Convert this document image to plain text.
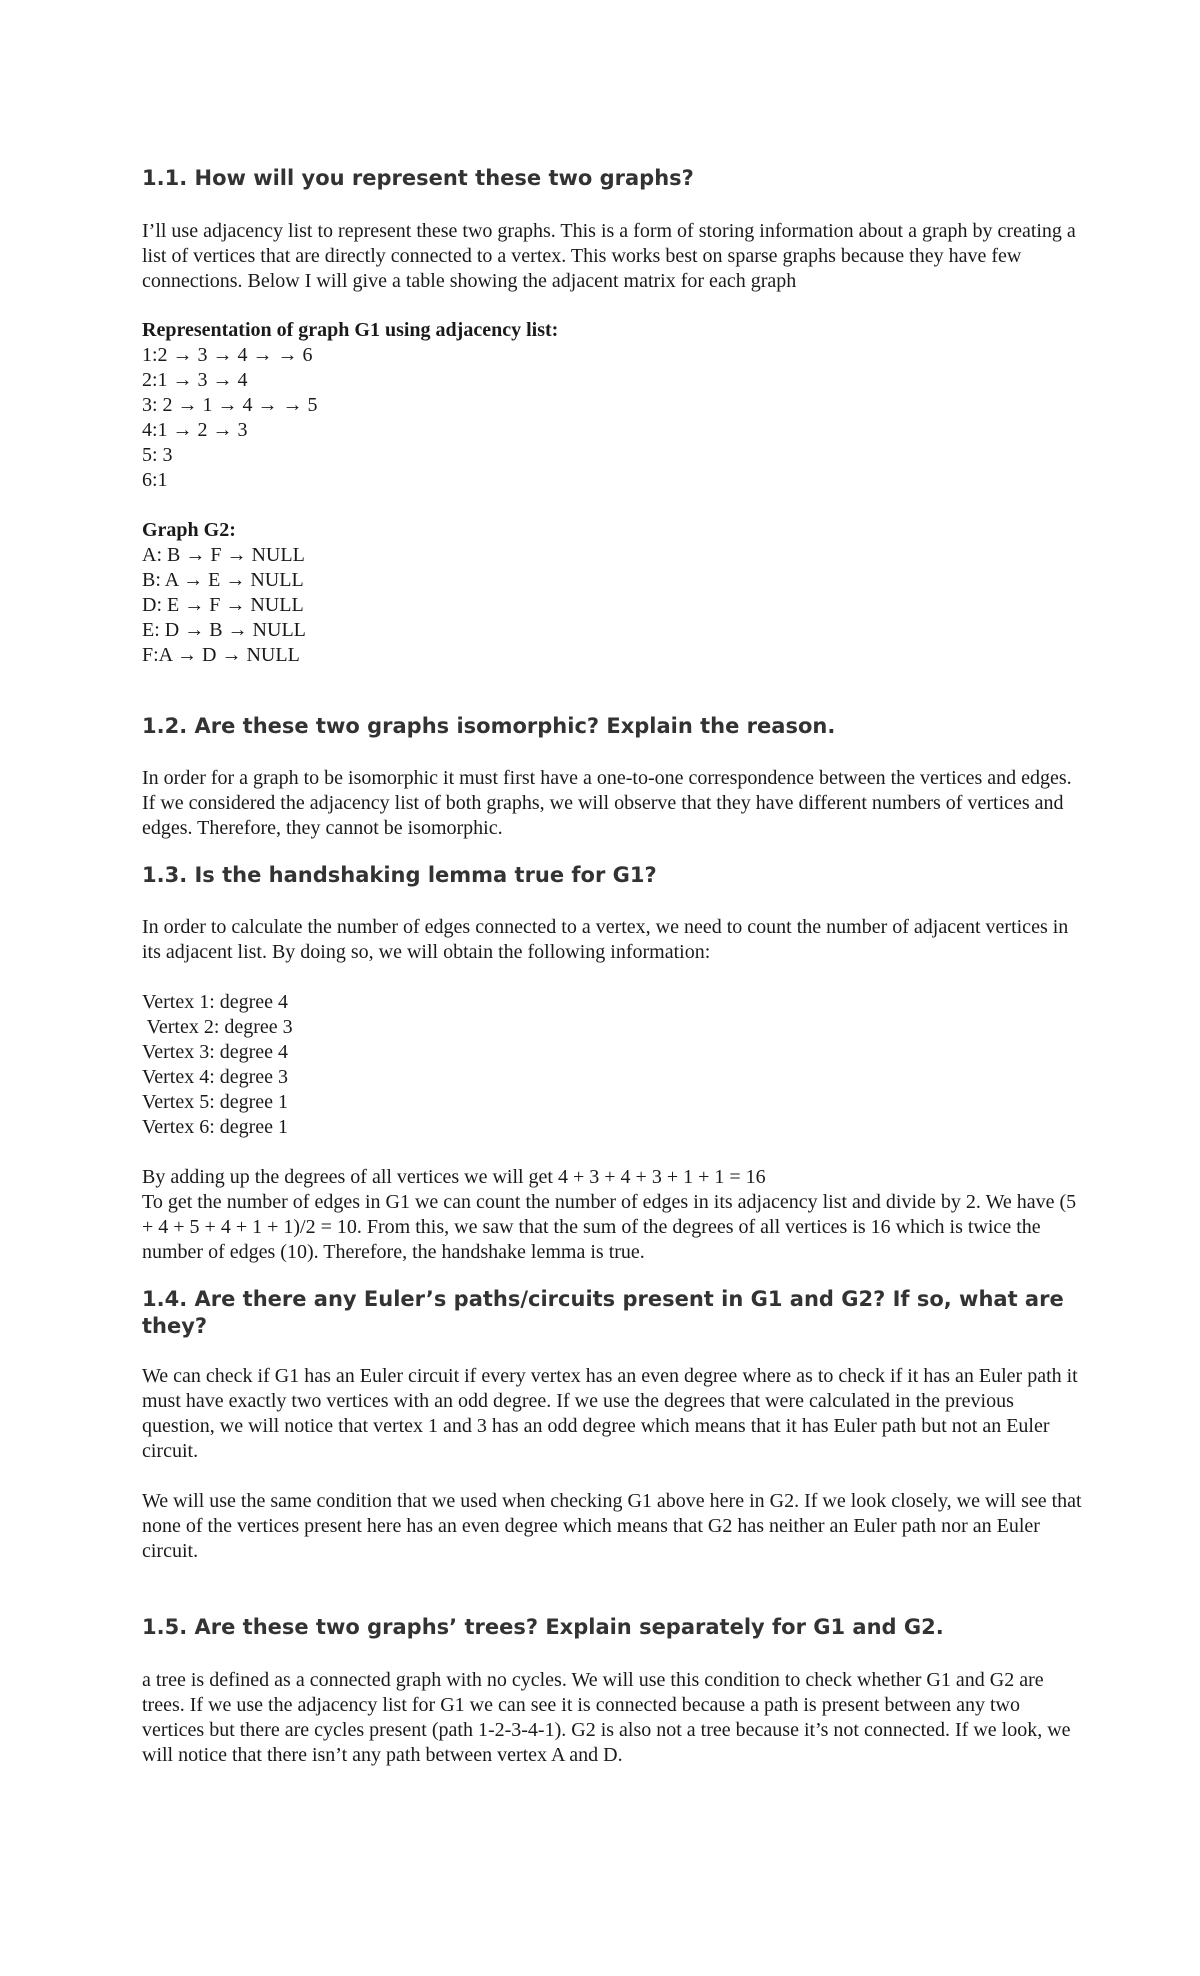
1.1. How will you represent these two graphs?

I’ll use adjacency list to represent these two graphs. This is a form of storing information about a graph by creating a list of vertices that are directly connected to a vertex. This works best on sparse graphs because they have few connections. Below I will give a table showing the adjacent matrix for each graph

Representation of graph G1 using adjacency list:
1:2 → 3 → 4 → → 6
2:1 → 3 → 4
3: 2 → 1 → 4 → → 5
4:1 → 2 → 3
5: 3
6:1
Graph G2:
A: B → F → NULL
B: A → E → NULL
D: E → F → NULL
E: D → B → NULL
F:A → D → NULL
1.2. Are these two graphs isomorphic? Explain the reason.

In order for a graph to be isomorphic it must first have a one-to-one correspondence between the vertices and edges. If we considered the adjacency list of both graphs, we will observe that they have different numbers of vertices and edges. Therefore, they cannot be isomorphic.

1.3. Is the handshaking lemma true for G1?

In order to calculate the number of edges connected to a vertex, we need to count the number of adjacent vertices in its adjacent list. By doing so, we will obtain the following information:

Vertex 1: degree 4
Vertex 2: degree 3
Vertex 3: degree 4
Vertex 4: degree 3
Vertex 5: degree 1
Vertex 6: degree 1

By adding up the degrees of all vertices we will get 4 + 3 + 4 + 3 + 1 + 1 = 16

To get the number of edges in G1 we can count the number of edges in its adjacency list and divide by 2. We have (5 + 4 + 5 + 4 + 1 + 1)/2 = 10. From this, we saw that the sum of the degrees of all vertices is 16 which is twice the number of edges (10). Therefore, the handshake lemma is true.

1.4. Are there any Euler’s paths/circuits present in G1 and G2? If so, what are they?

We can check if G1 has an Euler circuit if every vertex has an even degree where as to check if it has an Euler path it must have exactly two vertices with an odd degree. If we use the degrees that were calculated in the previous question, we will notice that vertex 1 and 3 has an odd degree which means that it has Euler path but not an Euler circuit.

We will use the same condition that we used when checking G1 above here in G2. If we look closely, we will see that none of the vertices present here has an even degree which means that G2 has neither an Euler path nor an Euler circuit.

1.5. Are these two graphs’ trees? Explain separately for G1 and G2.

a tree is defined as a connected graph with no cycles. We will use this condition to check whether G1 and G2 are trees. If we use the adjacency list for G1 we can see it is connected because a path is present between any two vertices but there are cycles present (path 1-2-3-4-1). G2 is also not a tree because it’s not connected. If we look, we will notice that there isn’t any path between vertex A and D.
